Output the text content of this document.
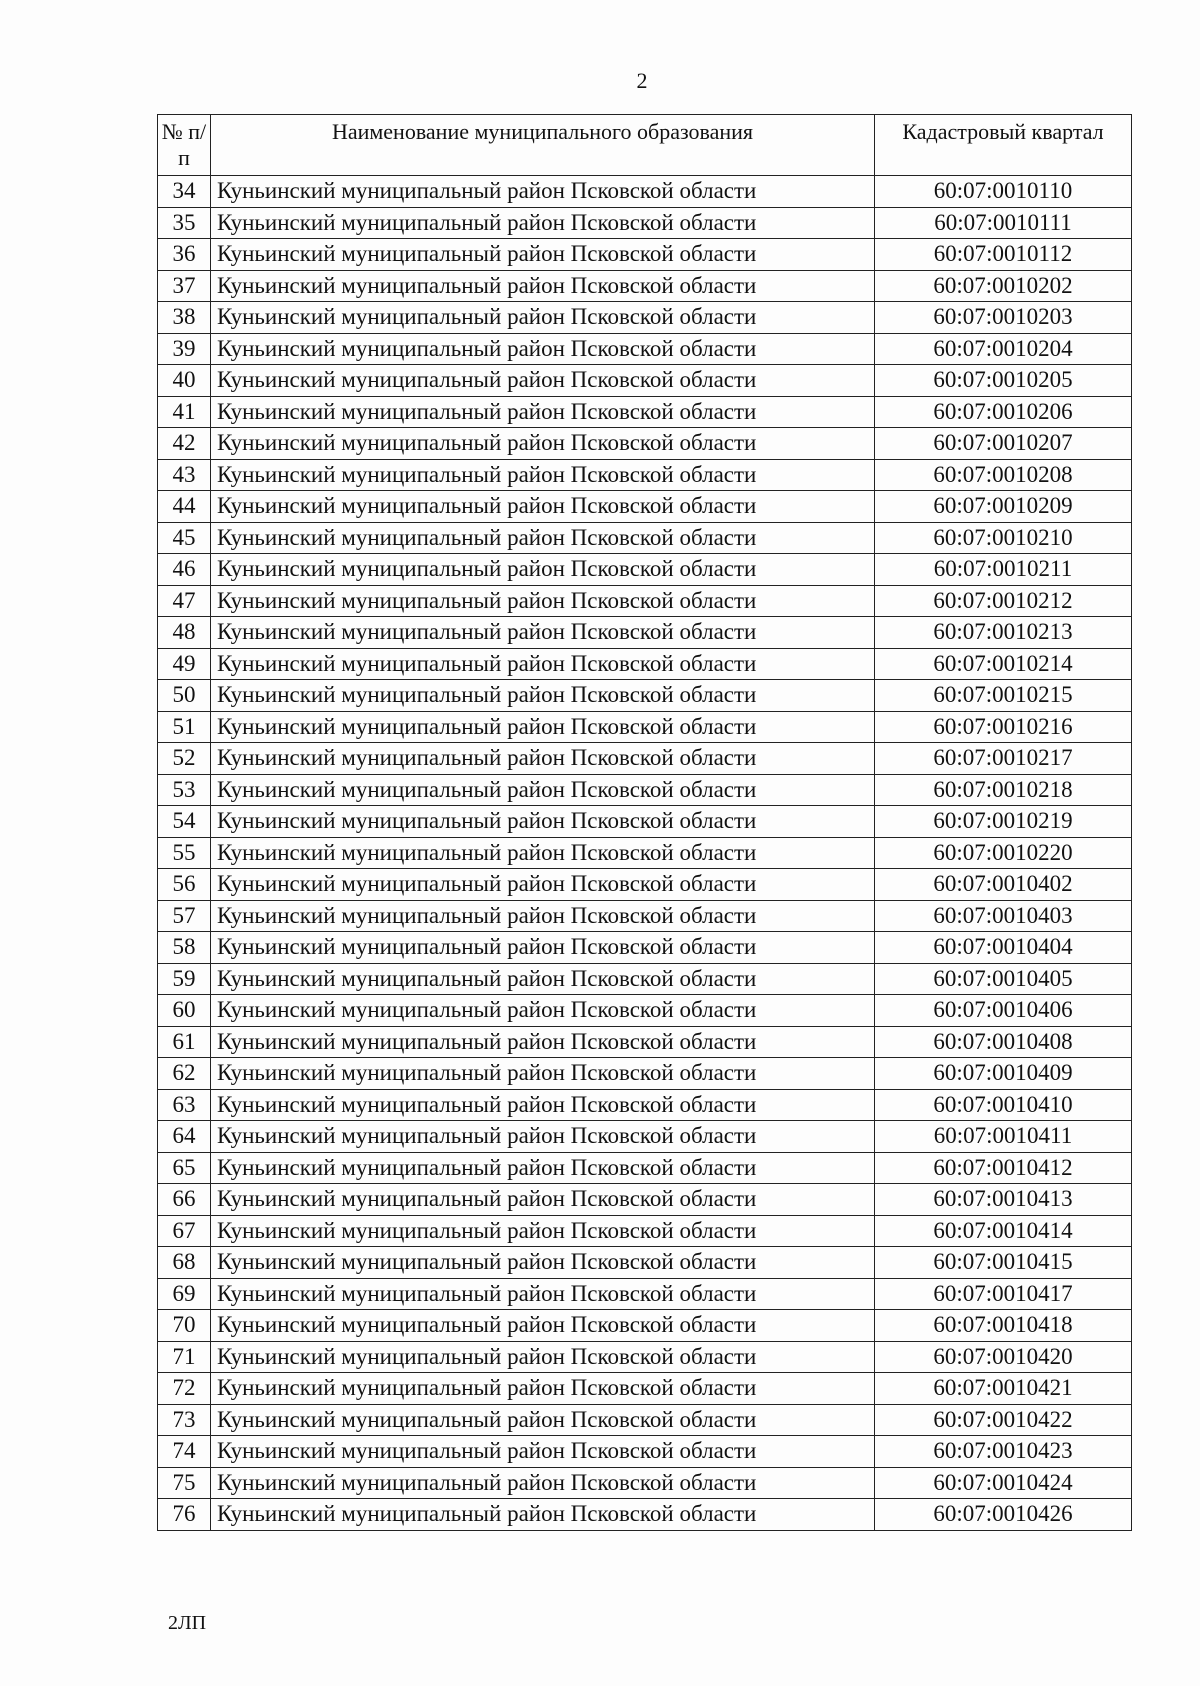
2
№ п/п	Наименование муниципального образования	Кадастровый квартал
34	Куньинский муниципальный район Псковской области	60:07:0010110
35	Куньинский муниципальный район Псковской области	60:07:0010111
36	Куньинский муниципальный район Псковской области	60:07:0010112
37	Куньинский муниципальный район Псковской области	60:07:0010202
38	Куньинский муниципальный район Псковской области	60:07:0010203
39	Куньинский муниципальный район Псковской области	60:07:0010204
40	Куньинский муниципальный район Псковской области	60:07:0010205
41	Куньинский муниципальный район Псковской области	60:07:0010206
42	Куньинский муниципальный район Псковской области	60:07:0010207
43	Куньинский муниципальный район Псковской области	60:07:0010208
44	Куньинский муниципальный район Псковской области	60:07:0010209
45	Куньинский муниципальный район Псковской области	60:07:0010210
46	Куньинский муниципальный район Псковской области	60:07:0010211
47	Куньинский муниципальный район Псковской области	60:07:0010212
48	Куньинский муниципальный район Псковской области	60:07:0010213
49	Куньинский муниципальный район Псковской области	60:07:0010214
50	Куньинский муниципальный район Псковской области	60:07:0010215
51	Куньинский муниципальный район Псковской области	60:07:0010216
52	Куньинский муниципальный район Псковской области	60:07:0010217
53	Куньинский муниципальный район Псковской области	60:07:0010218
54	Куньинский муниципальный район Псковской области	60:07:0010219
55	Куньинский муниципальный район Псковской области	60:07:0010220
56	Куньинский муниципальный район Псковской области	60:07:0010402
57	Куньинский муниципальный район Псковской области	60:07:0010403
58	Куньинский муниципальный район Псковской области	60:07:0010404
59	Куньинский муниципальный район Псковской области	60:07:0010405
60	Куньинский муниципальный район Псковской области	60:07:0010406
61	Куньинский муниципальный район Псковской области	60:07:0010408
62	Куньинский муниципальный район Псковской области	60:07:0010409
63	Куньинский муниципальный район Псковской области	60:07:0010410
64	Куньинский муниципальный район Псковской области	60:07:0010411
65	Куньинский муниципальный район Псковской области	60:07:0010412
66	Куньинский муниципальный район Псковской области	60:07:0010413
67	Куньинский муниципальный район Псковской области	60:07:0010414
68	Куньинский муниципальный район Псковской области	60:07:0010415
69	Куньинский муниципальный район Псковской области	60:07:0010417
70	Куньинский муниципальный район Псковской области	60:07:0010418
71	Куньинский муниципальный район Псковской области	60:07:0010420
72	Куньинский муниципальный район Псковской области	60:07:0010421
73	Куньинский муниципальный район Псковской области	60:07:0010422
74	Куньинский муниципальный район Псковской области	60:07:0010423
75	Куньинский муниципальный район Псковской области	60:07:0010424
76	Куньинский муниципальный район Псковской области	60:07:0010426
2ЛП
